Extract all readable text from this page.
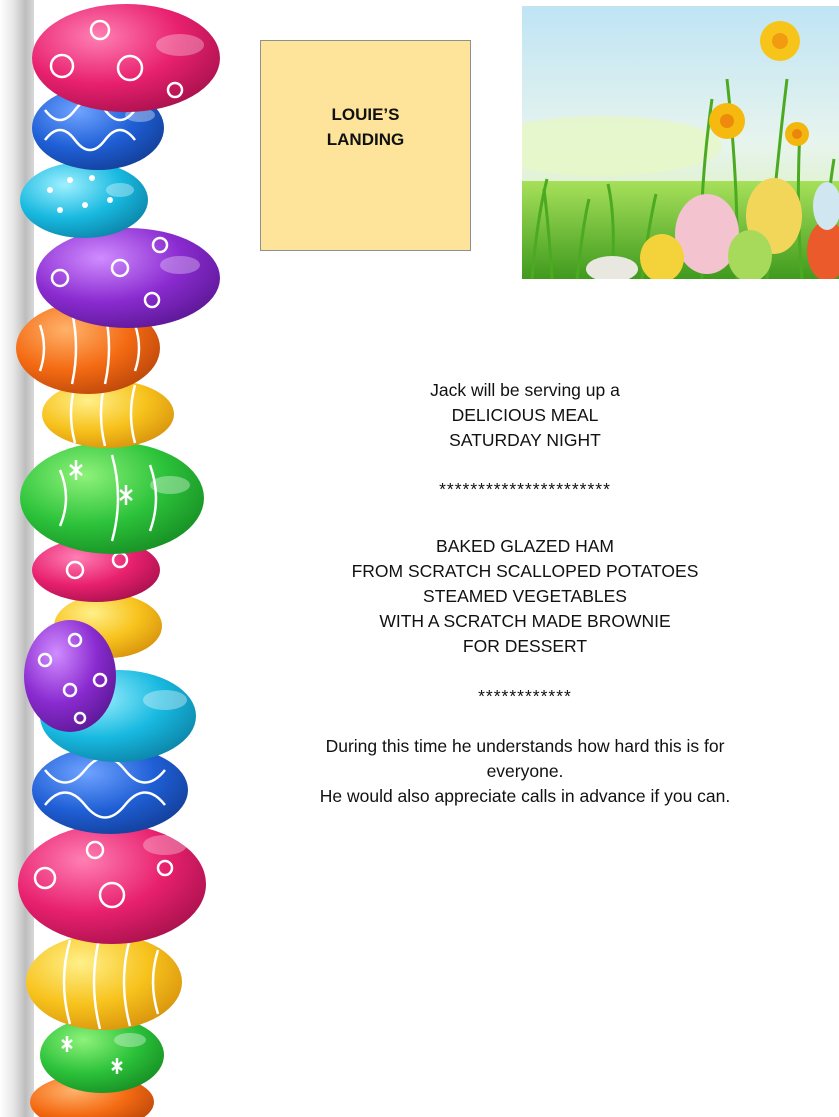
LOUIE’S
LANDING

Jack will be serving up a

DELICIOUS MEAL

SATURDAY NIGHT

**********************

BAKED GLAZED HAM

FROM SCRATCH SCALLOPED POTATOES

STEAMED VEGETABLES

WITH A SCRATCH MADE BROWNIE

FOR DESSERT

************

During this time he understands how hard this is for

everyone.

He would also appreciate calls in advance if you can.
